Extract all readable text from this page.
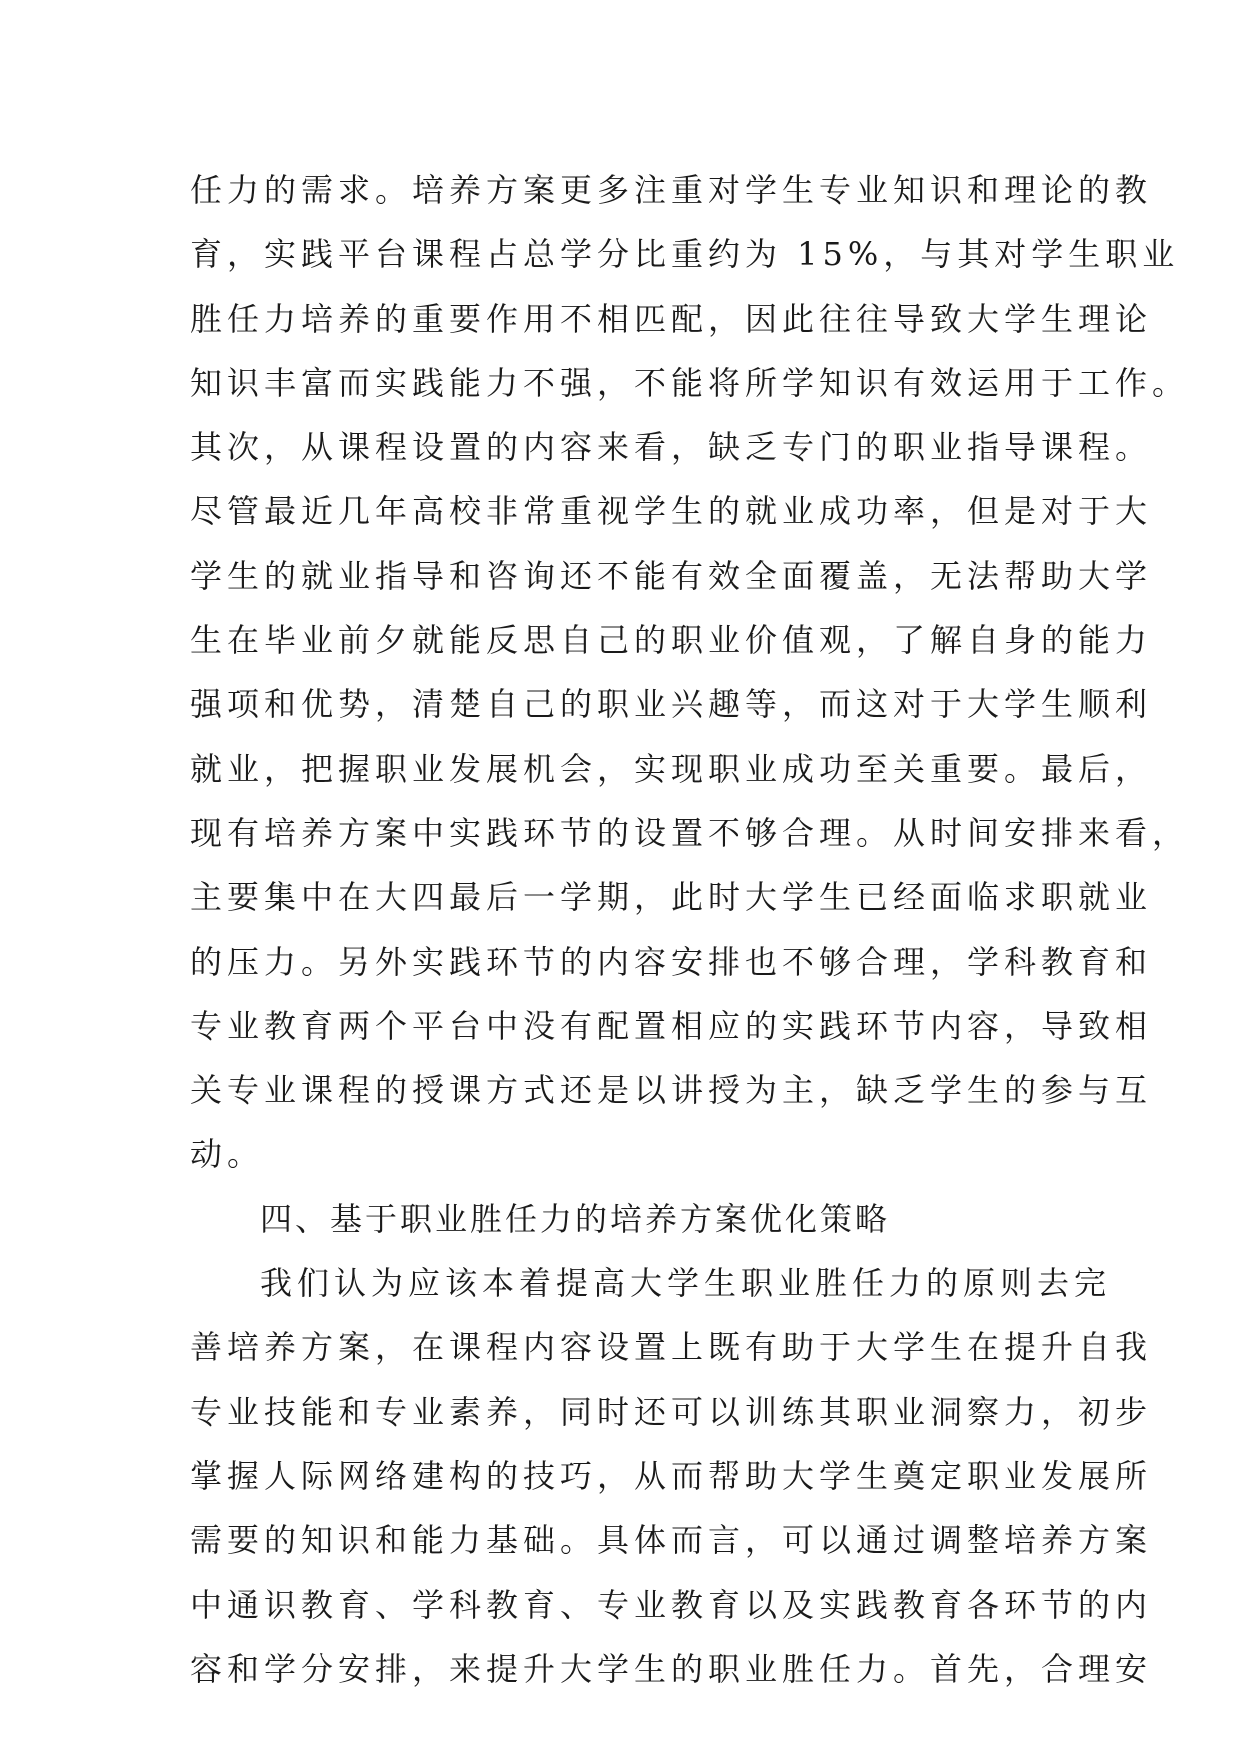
任力的需求。培养方案更多注重对学生专业知识和理论的教
育，实践平台课程占总学分比重约为 15%，与其对学生职业
胜任力培养的重要作用不相匹配，因此往往导致大学生理论
知识丰富而实践能力不强，不能将所学知识有效运用于工作。
其次，从课程设置的内容来看，缺乏专门的职业指导课程。
尽管最近几年高校非常重视学生的就业成功率，但是对于大
学生的就业指导和咨询还不能有效全面覆盖，无法帮助大学
生在毕业前夕就能反思自己的职业价值观，了解自身的能力
强项和优势，清楚自己的职业兴趣等，而这对于大学生顺利
就业，把握职业发展机会，实现职业成功至关重要。最后，
现有培养方案中实践环节的设置不够合理。从时间安排来看，
主要集中在大四最后一学期，此时大学生已经面临求职就业
的压力。另外实践环节的内容安排也不够合理，学科教育和
专业教育两个平台中没有配置相应的实践环节内容，导致相
关专业课程的授课方式还是以讲授为主，缺乏学生的参与互
动。
四、基于职业胜任力的培养方案优化策略
我们认为应该本着提高大学生职业胜任力的原则去完
善培养方案，在课程内容设置上既有助于大学生在提升自我
专业技能和专业素养，同时还可以训练其职业洞察力，初步
掌握人际网络建构的技巧，从而帮助大学生奠定职业发展所
需要的知识和能力基础。具体而言，可以通过调整培养方案
中通识教育、学科教育、专业教育以及实践教育各环节的内
容和学分安排，来提升大学生的职业胜任力。首先，合理安
